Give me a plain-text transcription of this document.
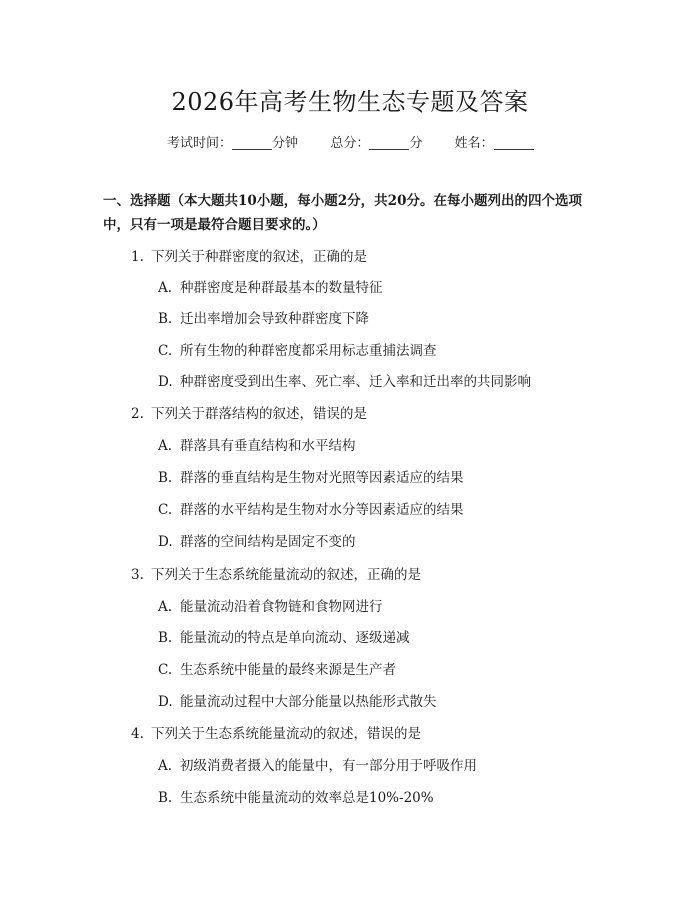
2026年高考生物生态专题及答案
考试时间：	分钟 总分：	分 姓名：
一、选择题（本大题共10小题，每小题2分，共20分。在每小题列出的四个选项中，只有一项是最符合题目要求的。）
1. 下列关于种群密度的叙述，正确的是
A. 种群密度是种群最基本的数量特征
B. 迁出率增加会导致种群密度下降
C. 所有生物的种群密度都采用标志重捕法调查
D. 种群密度受到出生率、死亡率、迁入率和迁出率的共同影响
2. 下列关于群落结构的叙述，错误的是
A. 群落具有垂直结构和水平结构
B. 群落的垂直结构是生物对光照等因素适应的结果
C. 群落的水平结构是生物对水分等因素适应的结果
D. 群落的空间结构是固定不变的
3. 下列关于生态系统能量流动的叙述，正确的是
A. 能量流动沿着食物链和食物网进行
B. 能量流动的特点是单向流动、逐级递减
C. 生态系统中能量的最终来源是生产者
D. 能量流动过程中大部分能量以热能形式散失
4. 下列关于生态系统能量流动的叙述，错误的是
A. 初级消费者摄入的能量中，有一部分用于呼吸作用
B. 生态系统中能量流动的效率总是10%-20%
